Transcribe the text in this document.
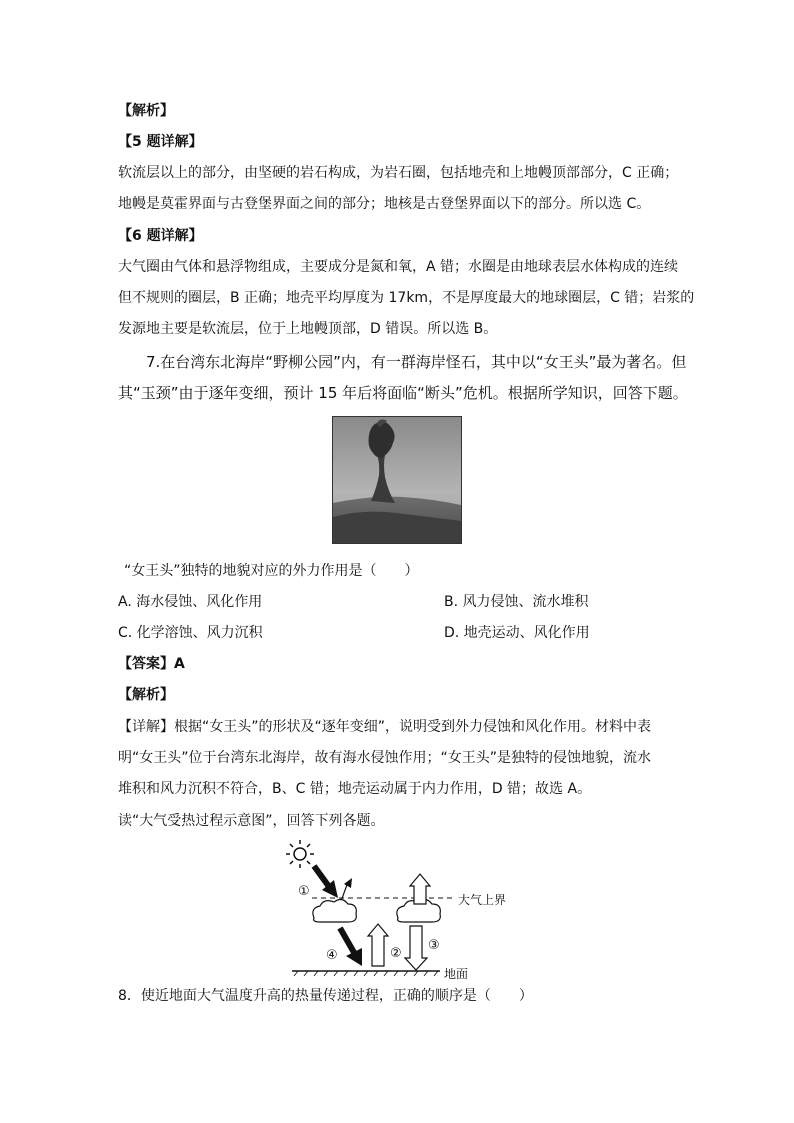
【解析】
【5 题详解】
软流层以上的部分，由坚硬的岩石构成，为岩石圈，包括地壳和上地幔顶部部分，C 正确；
地幔是莫霍界面与古登堡界面之间的部分；地核是古登堡界面以下的部分。所以选 C。
【6 题详解】
大气圈由气体和悬浮物组成，主要成分是氮和氧，A 错；水圈是由地球表层水体构成的连续
但不规则的圈层，B 正确；地壳平均厚度为 17km，不是厚度最大的地球圈层，C 错；岩浆的
发源地主要是软流层，位于上地幔顶部，D 错误。所以选 B。
7.在台湾东北海岸“野柳公园”内，有一群海岸怪石，其中以“女王头”最为著名。但
其“玉颈”由于逐年变细，预计 15 年后将面临“断头”危机。根据所学知识，回答下题。
“女王头”独特的地貌对应的外力作用是（　　）
A. 海水侵蚀、风化作用	B. 风力侵蚀、流水堆积
C. 化学溶蚀、风力沉积	D. 地壳运动、风化作用
【答案】A
【解析】
【详解】根据“女王头”的形状及“逐年变细”，说明受到外力侵蚀和风化作用。材料中表
明“女王头”位于台湾东北海岸，故有海水侵蚀作用；“女王头”是独特的侵蚀地貌，流水
堆积和风力沉积不符合，B、C 错；地壳运动属于内力作用，D 错；故选 A。
读“大气受热过程示意图”，回答下列各题。
①
②
③
④
大气上界
地面
8．使近地面大气温度升高的热量传递过程，正确的顺序是（　　）
